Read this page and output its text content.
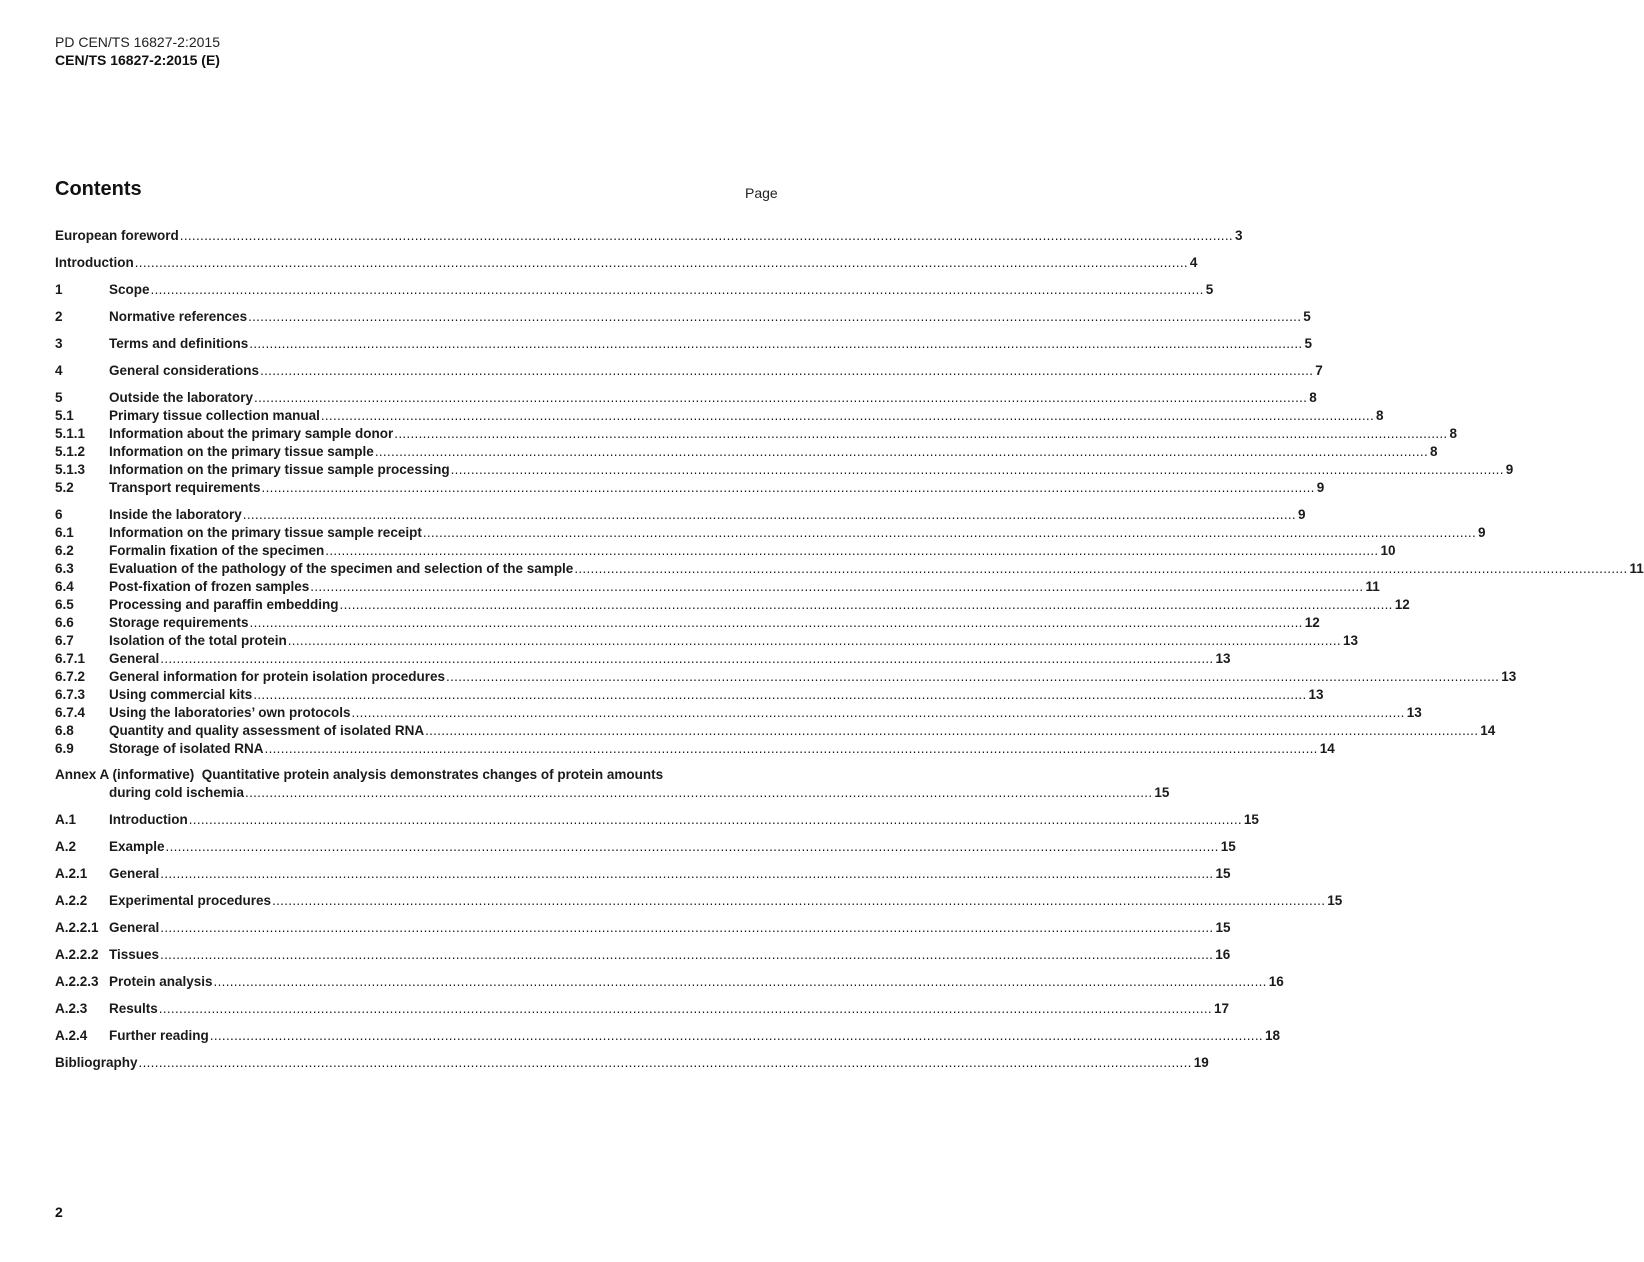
PD CEN/TS 16827-2:2015
CEN/TS 16827-2:2015 (E)
Contents	Page
European foreword .................................................................................................................................................................................................................................................................... 3
Introduction .................................................................................................................................................................................................................................................................... 4
1	Scope .................................................................................................................................................................................................................................................................... 5
2	Normative references .................................................................................................................................................................................................................................................................... 5
3	Terms and definitions .................................................................................................................................................................................................................................................................... 5
4	General considerations .................................................................................................................................................................................................................................................................... 7
5	Outside the laboratory .................................................................................................................................................................................................................................................................... 8
5.1	Primary tissue collection manual .................................................................................................................................................................................................................................................................... 8
5.1.1	Information about the primary sample donor .................................................................................................................................................................................................................................................................... 8
5.1.2	Information on the primary tissue sample .................................................................................................................................................................................................................................................................... 8
5.1.3	Information on the primary tissue sample processing .................................................................................................................................................................................................................................................................... 9
5.2	Transport requirements .................................................................................................................................................................................................................................................................... 9
6	Inside the laboratory .................................................................................................................................................................................................................................................................... 9
6.1	Information on the primary tissue sample receipt .................................................................................................................................................................................................................................................................... 9
6.2	Formalin fixation of the specimen .................................................................................................................................................................................................................................................................... 10
6.3	Evaluation of the pathology of the specimen and selection of the sample .................................................................................................................................................................................................................................................................... 11
6.4	Post-fixation of frozen samples .................................................................................................................................................................................................................................................................... 11
6.5	Processing and paraffin embedding .................................................................................................................................................................................................................................................................... 12
6.6	Storage requirements .................................................................................................................................................................................................................................................................... 12
6.7	Isolation of the total protein .................................................................................................................................................................................................................................................................... 13
6.7.1	General .................................................................................................................................................................................................................................................................... 13
6.7.2	General information for protein isolation procedures .................................................................................................................................................................................................................................................................... 13
6.7.3	Using commercial kits .................................................................................................................................................................................................................................................................... 13
6.7.4	Using the laboratories’ own protocols .................................................................................................................................................................................................................................................................... 13
6.8	Quantity and quality assessment of isolated RNA .................................................................................................................................................................................................................................................................... 14
6.9	Storage of isolated RNA .................................................................................................................................................................................................................................................................... 14
A.1	Introduction .................................................................................................................................................................................................................................................................... 15
A.2	Example .................................................................................................................................................................................................................................................................... 15
A.2.1	General .................................................................................................................................................................................................................................................................... 15
A.2.2	Experimental procedures .................................................................................................................................................................................................................................................................... 15
A.2.2.1 General .................................................................................................................................................................................................................................................................... 15
A.2.2.2 Tissues .................................................................................................................................................................................................................................................................... 16
A.2.2.3 Protein analysis .................................................................................................................................................................................................................................................................... 16
A.2.3	Results .................................................................................................................................................................................................................................................................... 17
A.2.4	Further reading .................................................................................................................................................................................................................................................................... 18
Bibliography .................................................................................................................................................................................................................................................................... 19
Annex A (informative) Quantitative protein analysis demonstrates changes of protein amounts
during cold ischemia ................................................................................................................................................................................................................................ 15
2
